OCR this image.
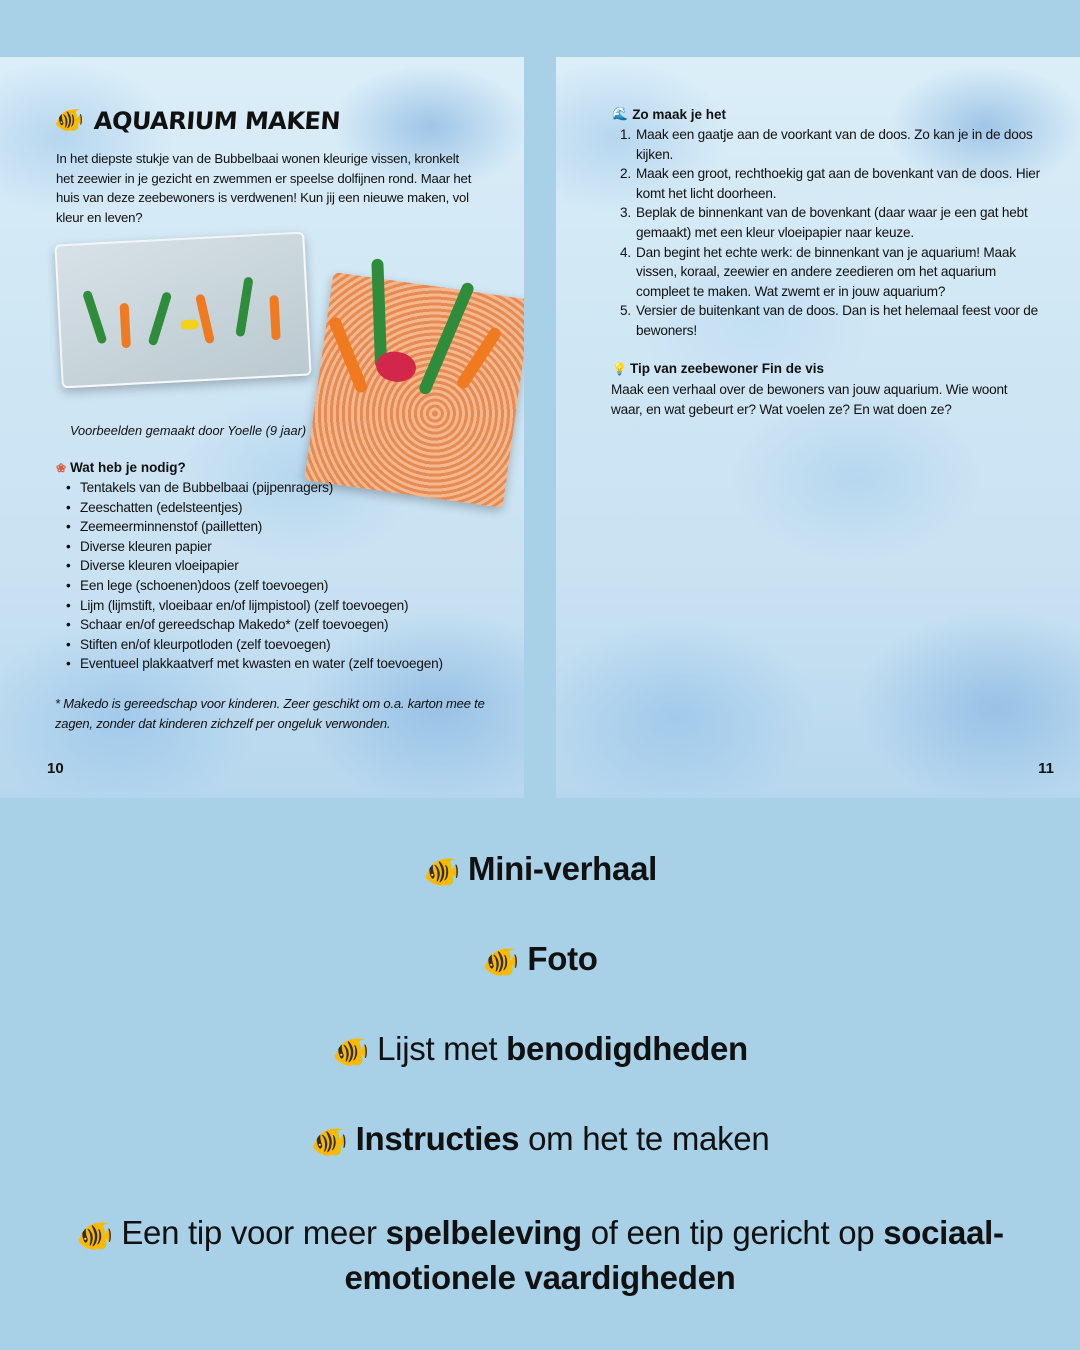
🐠 AQUARIUM MAKEN
In het diepste stukje van de Bubbelbaai wonen kleurige vissen, kronkelt het zeewier in je gezicht en zwemmen er speelse dolfijnen rond. Maar het huis van deze zeebewoners is verdwenen! Kun jij een nieuwe maken, vol kleur en leven?
Voorbeelden gemaakt door Yoelle (9 jaar)
❀ Wat heb je nodig?
• Tentakels van de Bubbelbaai (pijpenragers)
• Zeeschatten (edelsteentjes)
• Zeemeerminnenstof (pailletten)
• Diverse kleuren papier
• Diverse kleuren vloeipapier
• Een lege (schoenen)doos (zelf toevoegen)
• Lijm (lijmstift, vloeibaar en/of lijmpistool) (zelf toevoegen)
• Schaar en/of gereedschap Makedo* (zelf toevoegen)
• Stiften en/of kleurpotloden (zelf toevoegen)
• Eventueel plakkaatverf met kwasten en water (zelf toevoegen)
* Makedo is gereedschap voor kinderen. Zeer geschikt om o.a. karton mee te zagen, zonder dat kinderen zichzelf per ongeluk verwonden.
10
🌊 Zo maak je het
1. Maak een gaatje aan de voorkant van de doos. Zo kan je in de doos kijken.
2. Maak een groot, rechthoekig gat aan de bovenkant van de doos. Hier komt het licht doorheen.
3. Beplak de binnenkant van de bovenkant (daar waar je een gat hebt gemaakt) met een kleur vloeipapier naar keuze.
4. Dan begint het echte werk: de binnenkant van je aquarium! Maak vissen, koraal, zeewier en andere zeedieren om het aquarium compleet te maken. Wat zwemt er in jouw aquarium?
5. Versier de buitenkant van de doos. Dan is het helemaal feest voor de bewoners!
💡 Tip van zeebewoner Fin de vis
Maak een verhaal over de bewoners van jouw aquarium. Wie woont waar, en wat gebeurt er? Wat voelen ze? En wat doen ze?
11
🐠 Mini-verhaal
🐠 Foto
🐠 Lijst met benodigdheden
🐠 Instructies om het te maken
🐠 Een tip voor meer spelbeleving of een tip gericht op sociaal-emotionele vaardigheden
